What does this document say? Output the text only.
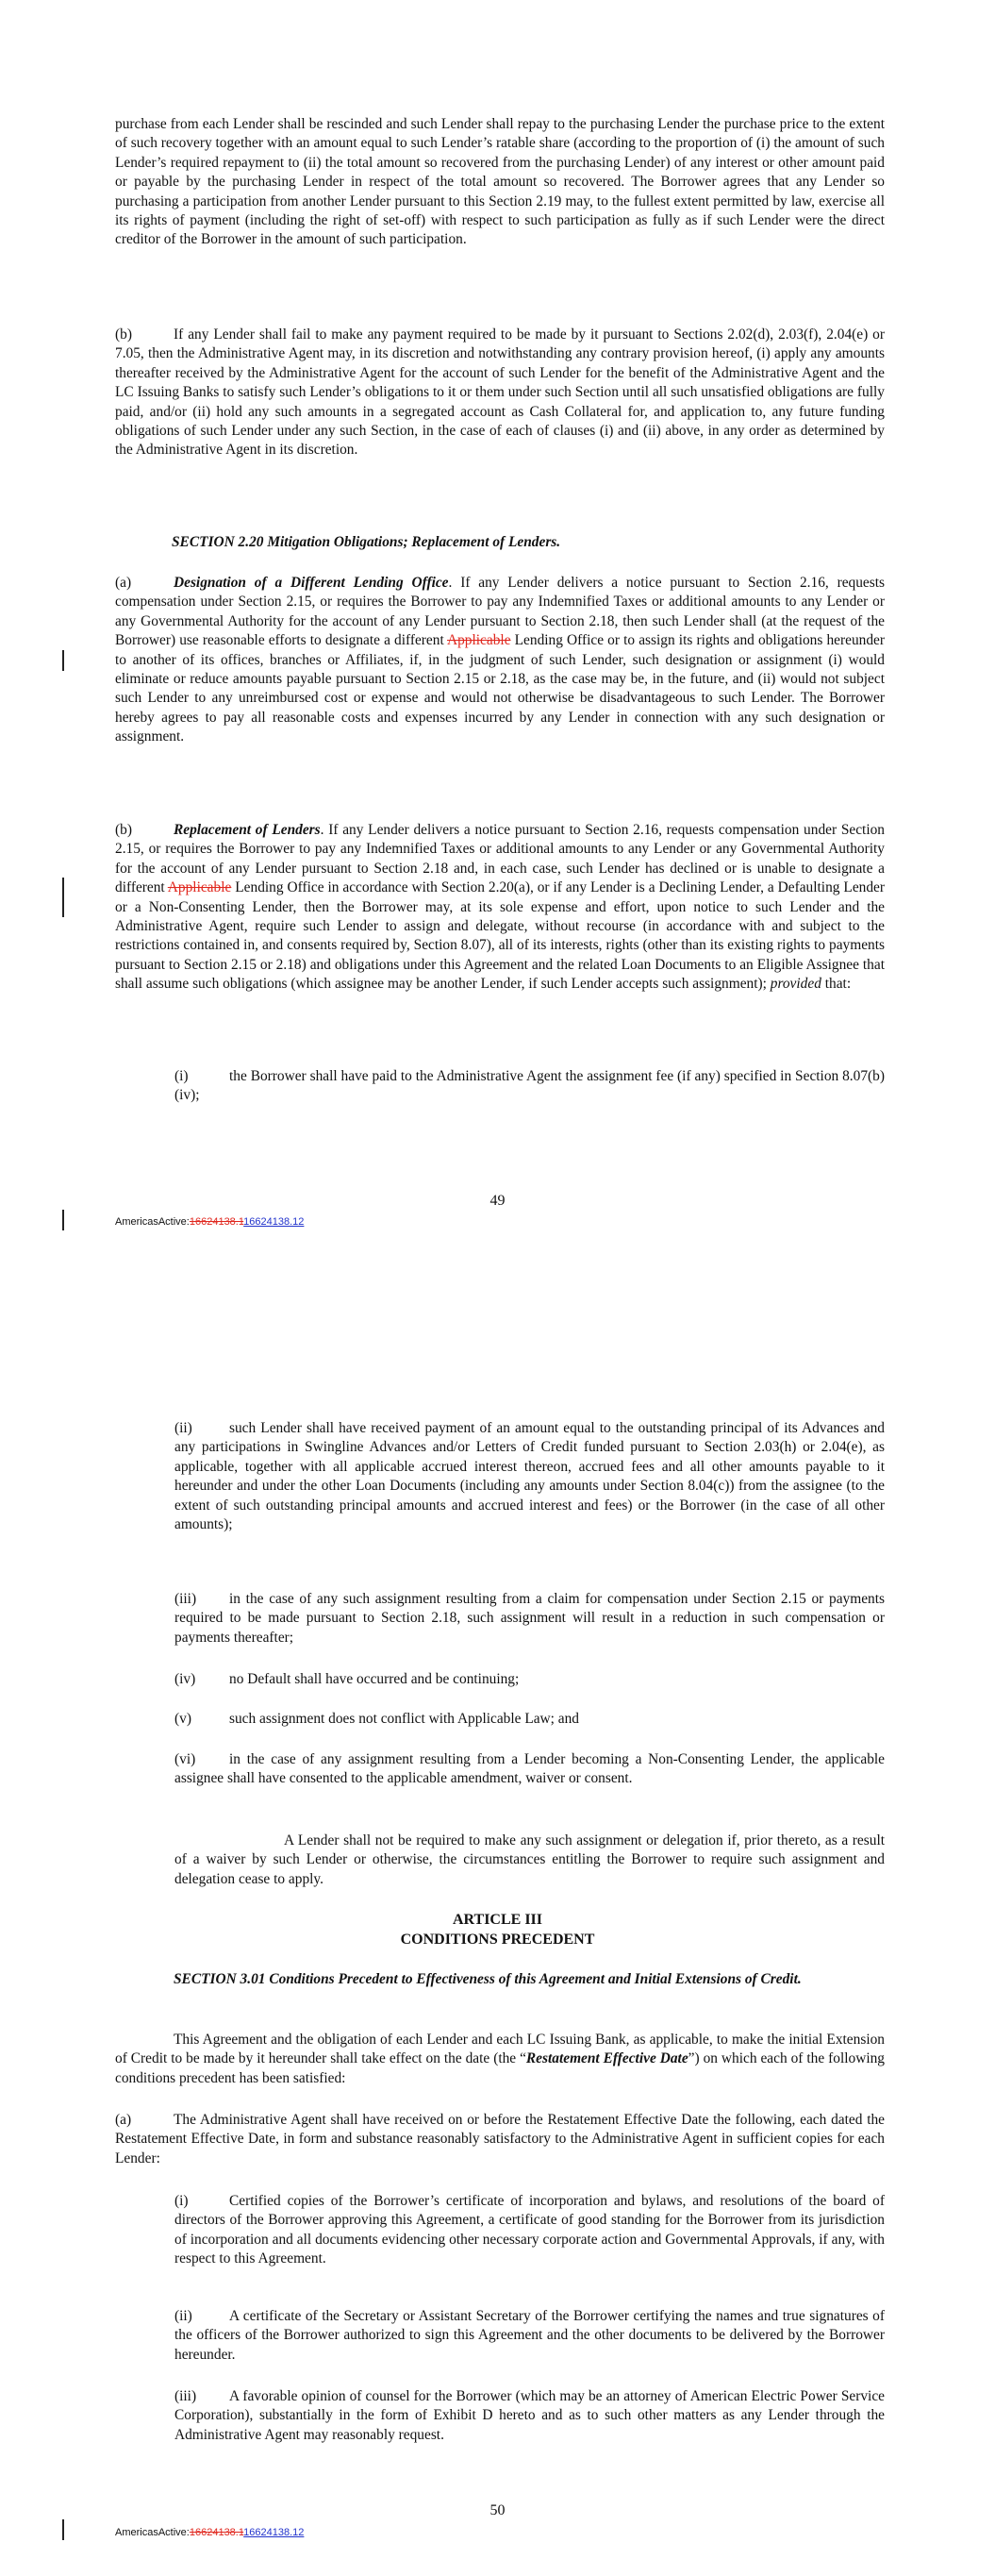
purchase from each Lender shall be rescinded and such Lender shall repay to the purchasing Lender the purchase price to the extent of such recovery together with an amount equal to such Lender’s ratable share (according to the proportion of (i) the amount of such Lender’s required repayment to (ii) the total amount so recovered from the purchasing Lender) of any interest or other amount paid or payable by the purchasing Lender in respect of the total amount so recovered. The Borrower agrees that any Lender so purchasing a participation from another Lender pursuant to this Section 2.19 may, to the fullest extent permitted by law, exercise all its rights of payment (including the right of set-off) with respect to such participation as fully as if such Lender were the direct creditor of the Borrower in the amount of such participation.

(b)	If any Lender shall fail to make any payment required to be made by it pursuant to Sections 2.02(d), 2.03(f), 2.04(e) or 7.05, then the Administrative Agent may, in its discretion and notwithstanding any contrary provision hereof, (i) apply any amounts thereafter received by the Administrative Agent for the account of such Lender for the benefit of the Administrative Agent and the LC Issuing Banks to satisfy such Lender’s obligations to it or them under such Section until all such unsatisfied obligations are fully paid, and/or (ii) hold any such amounts in a segregated account as Cash Collateral for, and application to, any future funding obligations of such Lender under any such Section, in the case of each of clauses (i) and (ii) above, in any order as determined by the Administrative Agent in its discretion.

SECTION 2.20 Mitigation Obligations; Replacement of Lenders.

(a)	Designation of a Different Lending Office. If any Lender delivers a notice pursuant to Section 2.16, requests compensation under Section 2.15, or requires the Borrower to pay any Indemnified Taxes or additional amounts to any Lender or any Governmental Authority for the account of any Lender pursuant to Section 2.18, then such Lender shall (at the request of the Borrower) use reasonable efforts to designate a different Applicable Lending Office or to assign its rights and obligations hereunder to another of its offices, branches or Affiliates, if, in the judgment of such Lender, such designation or assignment (i) would eliminate or reduce amounts payable pursuant to Section 2.15 or 2.18, as the case may be, in the future, and (ii) would not subject such Lender to any unreimbursed cost or expense and would not otherwise be disadvantageous to such Lender. The Borrower hereby agrees to pay all reasonable costs and expenses incurred by any Lender in connection with any such designation or assignment.

(b)	Replacement of Lenders. If any Lender delivers a notice pursuant to Section 2.16, requests compensation under Section 2.15, or requires the Borrower to pay any Indemnified Taxes or additional amounts to any Lender or any Governmental Authority for the account of any Lender pursuant to Section 2.18 and, in each case, such Lender has declined or is unable to designate a different Applicable Lending Office in accordance with Section 2.20(a), or if any Lender is a Declining Lender, a Defaulting Lender or a Non-Consenting Lender, then the Borrower may, at its sole expense and effort, upon notice to such Lender and the Administrative Agent, require such Lender to assign and delegate, without recourse (in accordance with and subject to the restrictions contained in, and consents required by, Section 8.07), all of its interests, rights (other than its existing rights to payments pursuant to Section 2.15 or 2.18) and obligations under this Agreement and the related Loan Documents to an Eligible Assignee that shall assume such obligations (which assignee may be another Lender, if such Lender accepts such assignment); provided that:

(i)	the Borrower shall have paid to the Administrative Agent the assignment fee (if any) specified in Section 8.07(b)(iv);

49
AmericasActive:16624138.116624138.12

(ii)	such Lender shall have received payment of an amount equal to the outstanding principal of its Advances and any participations in Swingline Advances and/or Letters of Credit funded pursuant to Section 2.03(h) or 2.04(e), as applicable, together with all applicable accrued interest thereon, accrued fees and all other amounts payable to it hereunder and under the other Loan Documents (including any amounts under Section 8.04(c)) from the assignee (to the extent of such outstanding principal amounts and accrued interest and fees) or the Borrower (in the case of all other amounts);

(iii) in the case of any such assignment resulting from a claim for compensation under Section 2.15 or payments required to be made pursuant to Section 2.18, such assignment will result in a reduction in such compensation or payments thereafter;

(iv) no Default shall have occurred and be continuing;

(v)	such assignment does not conflict with Applicable Law; and

(vi) in the case of any assignment resulting from a Lender becoming a Non-Consenting Lender, the applicable assignee shall have consented to the applicable amendment, waiver or consent.

A Lender shall not be required to make any such assignment or delegation if, prior thereto, as a result of a waiver by such Lender or otherwise, the circumstances entitling the Borrower to require such assignment and delegation cease to apply.

ARTICLE III

CONDITIONS PRECEDENT

SECTION 3.01 Conditions Precedent to Effectiveness of this Agreement and Initial Extensions of Credit.

This Agreement and the obligation of each Lender and each LC Issuing Bank, as applicable, to make the initial Extension of Credit to be made by it hereunder shall take effect on the date (the “Restatement Effective Date”) on which each of the following conditions precedent has been satisfied:

(a)	The Administrative Agent shall have received on or before the Restatement Effective Date the following, each dated the Restatement Effective Date, in form and substance reasonably satisfactory to the Administrative Agent in sufficient copies for each Lender:

(i)	Certified copies of the Borrower’s certificate of incorporation and bylaws, and resolutions of the board of directors of the Borrower approving this Agreement, a certificate of good standing for the Borrower from its jurisdiction of incorporation and all documents evidencing other necessary corporate action and Governmental Approvals, if any, with respect to this Agreement.

(ii)	A certificate of the Secretary or Assistant Secretary of the Borrower certifying the names and true signatures of the officers of the Borrower authorized to sign this Agreement and the other documents to be delivered by the Borrower hereunder.

(iii) A favorable opinion of counsel for the Borrower (which may be an attorney of American Electric Power Service Corporation), substantially in the form of Exhibit D hereto and as to such other matters as any Lender through the Administrative Agent may reasonably request.

50
AmericasActive:16624138.116624138.12
